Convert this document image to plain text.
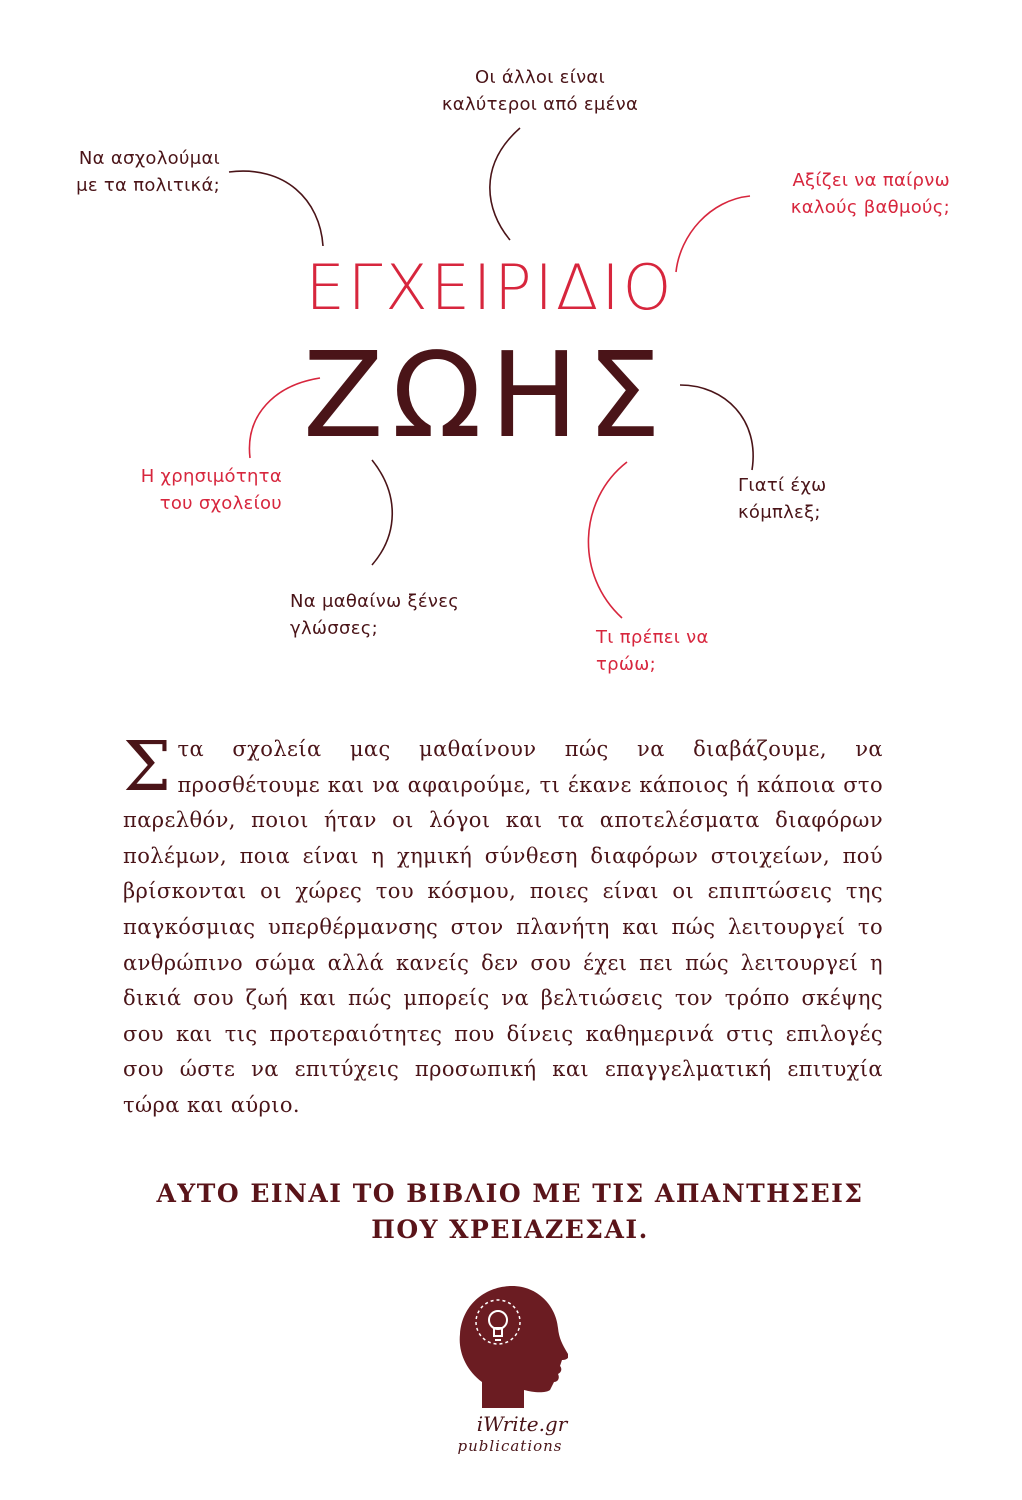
Οι άλλοι είναι
καλύτεροι από εμένα
Να ασχολούμαι
με τα πολιτικά;	Αξίζει να παίρνω
καλούς βαθμούς;
ΕΓΧΕΙΡΙΔΙΟ
ΖΩΗΣ
Η χρησιμότητα
του σχολείου
Γιατί έχω
κόμπλεξ;
Να μαθαίνω ξένες
γλώσσες;	Τι πρέπει να
τρώω;
Σ τα σχολεία μας μαθαίνουν πώς να διαβάζουμε, να προσθέτουμε και να αφαιρούμε, τι έκανε κάποιος ή κάποια στο παρελθόν, ποιοι ήταν οι λόγοι και τα αποτελέσματα διαφόρων πολέμων, ποια είναι η χημική σύνθεση διαφόρων στοιχείων, πού βρίσκονται οι χώρες του κόσμου, ποιες είναι οι επιπτώσεις της παγκόσμιας υπερθέρμανσης στον πλανήτη και πώς λειτουργεί το ανθρώπινο σώμα αλλά κανείς δεν σου έχει πει πώς λειτουργεί η δικιά σου ζωή και πώς μπορείς να βελτιώσεις τον τρόπο σκέψης σου και τις προτεραιότητες που δίνεις καθημερινά στις επιλογές σου ώστε να επιτύχεις προσωπική και επαγγελματική επιτυχία τώρα και αύριο.
ΑΥΤΟ ΕΙΝΑΙ ΤΟ ΒΙΒΛΙΟ ΜΕ ΤΙΣ ΑΠΑΝΤΗΣΕΙΣ
ΠΟΥ ΧΡΕΙΑΖΕΣΑΙ.
iWrite.gr
publications
